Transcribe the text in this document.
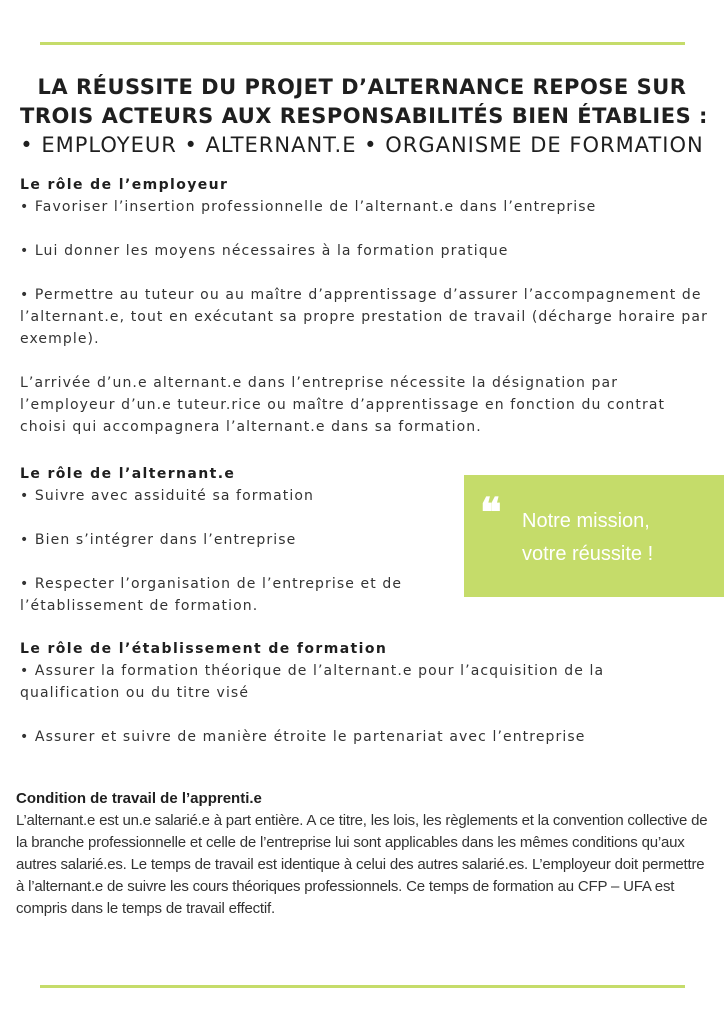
LA RÉUSSITE DU PROJET D’ALTERNANCE REPOSE SUR
TROIS ACTEURS AUX RESPONSABILITÉS BIEN ÉTABLIES :
• EMPLOYEUR • ALTERNANT.E • ORGANISME DE FORMATION

Le rôle de l’employeur

• Favoriser l’insertion professionnelle de l’alternant.e dans l’entreprise

• Lui donner les moyens nécessaires à la formation pratique

• Permettre au tuteur ou au maître d’apprentissage d’assurer l’accompagnement de l’alternant.e, tout en exécutant sa propre prestation de travail (décharge horaire par exemple).

L’arrivée d’un.e alternant.e dans l’entreprise nécessite la désignation par l’employeur d’un.e tuteur.rice ou maître d’apprentissage en fonction du contrat choisi qui accompagnera l’alternant.e dans sa formation.

Le rôle de l’alternant.e

• Suivre avec assiduité sa formation

• Bien s’intégrer dans l’entreprise

• Respecter l’organisation de l’entreprise et de l’établissement de formation.

❝ Notre mission,
votre réussite !

Le rôle de l’établissement de formation

• Assurer la formation théorique de l’alternant.e pour l’acquisition de la qualification ou du titre visé

• Assurer et suivre de manière étroite le partenariat avec l’entreprise

Condition de travail de l’apprenti.e

L’alternant.e est un.e salarié.e à part entière. A ce titre, les lois, les règlements et la convention collective de la branche professionnelle et celle de l’entreprise lui sont applicables dans les mêmes conditions qu’aux autres salarié.es. Le temps de travail est identique à celui des autres salarié.es. L’employeur doit permettre à l’alternant.e de suivre les cours théoriques professionnels. Ce temps de formation au CFP – UFA est compris dans le temps de travail effectif.
